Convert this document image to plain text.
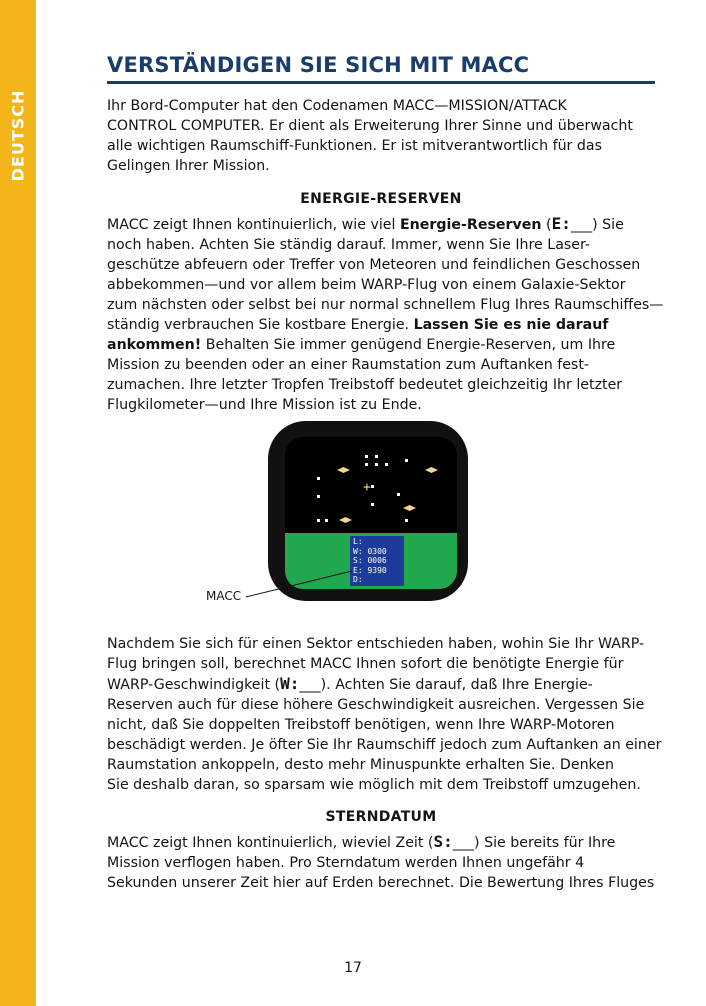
DEUTSCH
VERSTÄNDIGEN SIE SICH MIT MACC

Ihr Bord-Computer hat den Codenamen MACC—MISSION/ATTACK
CONTROL COMPUTER. Er dient als Erweiterung Ihrer Sinne und überwacht
alle wichtigen Raumschiff-Funktionen. Er ist mitverantwortlich für das
Gelingen Ihrer Mission.

ENERGIE-RESERVEN

MACC zeigt Ihnen kontinuierlich, wie viel Energie-Reserven (E:___) Sie
noch haben. Achten Sie ständig darauf. Immer, wenn Sie Ihre Laser-
geschütze abfeuern oder Treffer von Meteoren und feindlichen Geschossen
abbekommen—und vor allem beim WARP-Flug von einem Galaxie-Sektor
zum nächsten oder selbst bei nur normal schnellem Flug Ihres Raumschiffes—
ständig verbrauchen Sie kostbare Energie. Lassen Sie es nie darauf
ankommen! Behalten Sie immer genügend Energie-Reserven, um Ihre
Mission zu beenden oder an einer Raumstation zum Auftanken fest-
zumachen. Ihre letzter Tropfen Treibstoff bedeutet gleichzeitig Ihr letzter
Flugkilometer—und Ihre Mission ist zu Ende.

+
L:
W: 0300
S: 0006
E: 9390
D:
MACC

Nachdem Sie sich für einen Sektor entschieden haben, wohin Sie Ihr WARP-
Flug bringen soll, berechnet MACC Ihnen sofort die benötigte Energie für
WARP-Geschwindigkeit (W:___). Achten Sie darauf, daß Ihre Energie-
Reserven auch für diese höhere Geschwindigkeit ausreichen. Vergessen Sie
nicht, daß Sie doppelten Treibstoff benötigen, wenn Ihre WARP-Motoren
beschädigt werden. Je öfter Sie Ihr Raumschiff jedoch zum Auftanken an einer
Raumstation ankoppeln, desto mehr Minuspunkte erhalten Sie. Denken
Sie deshalb daran, so sparsam wie möglich mit dem Treibstoff umzugehen.

STERNDATUM

MACC zeigt Ihnen kontinuierlich, wieviel Zeit (S:___) Sie bereits für Ihre
Mission verflogen haben. Pro Sterndatum werden Ihnen ungefähr 4
Sekunden unserer Zeit hier auf Erden berechnet. Die Bewertung Ihres Fluges

17
